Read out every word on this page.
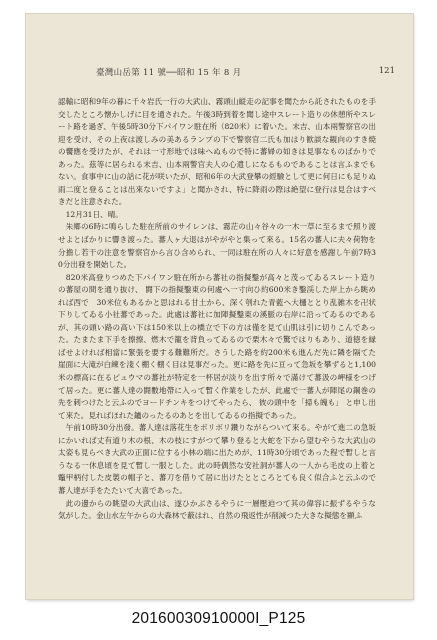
臺灣山岳第 11 號──昭和 15 年 8 月	121
認輸に昭和9年の暮に千々岩氏一行の大武山、霧頭山縦走の記事を聞たから託されたものを手交したところ懐かしげに目を通された。午後3時到着を聞し途中スレート造りの休憩所やスレート路を過ぎ、午後5時30分下パイワン駐在所（820米）に着いた。末吉、山本兩警察官の出迎を受け、その上夜は渡しみの美あるランプの下で警察官二氏も加はり歓談な観向のすき焼の饗應を受けたが、それは一寸形地では味へぬもので特に蕃婦の如きは見事なものばかりであった。茲等に居られる末吉、山本兩警官夫人の心遣しになるものであることは言ふまでもない。食事中に山の話に花が咲いたが、昭和6年の大武登攀の經驗として更に何日にも足りぬ雨二度と登ることは出來ないですよ」と聞かされ、特に降雨の際は絶望に登行は見合はすべきだと注意された。
　12月31日、晴。
　朱郷の6時に鳴らした駐在所前のサイレンは、霧茫の山々谷々の一木一草に至るまで照り渡せよとばかりに響き渡った。蕃人ヶ大退はがやがやと集って來る。15名の蕃人に夫々荷物を分擔し若干の注意を警察官から言ひ含められ、一同は駐在所の人々に好意を感謝し午前7時30分出發を開始した。
　820米高登りつめた下パイワン駐在所から蕃社の指擬鑿が高々と茂ってゐるスレート造りの蕃屋の間を通り抜け、 闘下の指擬鑿東の何處へ一寸向ひ約600米き鑿渓した岸上から眺めれば西で　30米位もあるかと思はれる甘土から、深く刳れた青藍へ大樋ととり乱雑木を卍状下りしてゐる小社蕃であった。此處は蕃社に加陣擬鑿東の溪脈の右岸に沿ってゐるのであるが、其の頭い路の高い下は150米以上の橋立で下の方は僅を見て山肌は引に切りこんであった。たまたま下手を擦擦、燃木で籠を背負ってゐるので栗木々で驚ではりもあり、道徳を縁ばせよければ相當に緊張を要する難難所だ。さうした路を約200米も進んだ先に隣を隔てた崖面に大滝が白練を淺く棚く棚く目は見事だった。更に路を先に亘って急坂を攀ずると1,100米の標高に在るピュウマの蕃社が特定を一杯居が淡りを出す所々で滿けて蕃汲の岬様をつげて居った。更に蕃人達の闘數地帶に入って暫く作業をしたが、此處で一蕃人が陣尾の鋼巻の先を刺つけたと云ふのでヨードチンキをつけてやったら、 彼の頭中を「掃も魄も」 と申し出て來た。見ればほれた鑪のったるのあとを出してゐるの指擬であった。
　午前10時30分出發。蕃人達は落花生をボリボリ鑽りながらついて來る。やがて進二の急坂にかいれば丈有道り木の根、木の枝にすがつて攀り登ると大蛇を下から望むやうな大武山の太姿も見らべき大武の正面に位する小林の端に出ためが、11時30分頃であった程で暫しと言うなる一休息頃を見て暫し一服とした。此の時偶然な安社洞が蕃人の一人から毛皮の上着と鼈甲柄付した皮製の帽子と、蕃刀を借りて居に出けたとところとても良く似合ふと云ふので蕃人達が手をたたいて大喜であった。
　此の邊からの眺望の大武山は、遂ひかぶさるやうに一層壓迫つて其の偉容に振ずるやうな気がした。金山水左午からの大森林で蔽はれ、自然の飛返性が削減つた大きな擬態を顯ふ
20160030910000I_P125
